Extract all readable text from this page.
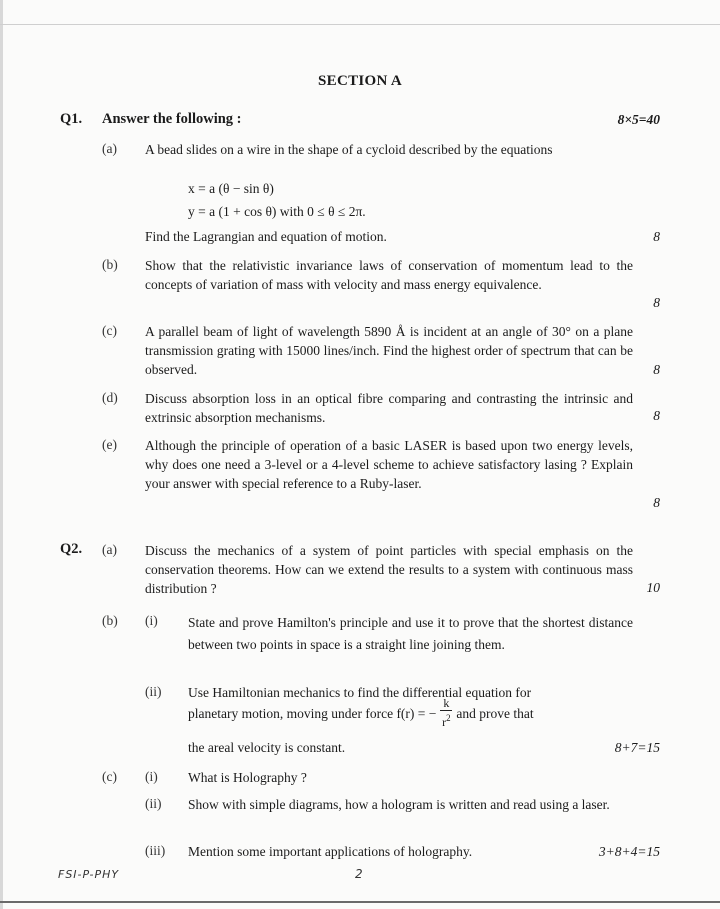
SECTION A
Q1. Answer the following :	8×5=40
(a) A bead slides on a wire in the shape of a cycloid described by the equations
x = a (θ − sin θ)
y = a (1 + cos θ) with 0 ≤ θ ≤ 2π.
Find the Lagrangian and equation of motion.	8
(b) Show that the relativistic invariance laws of conservation of momentum lead to the concepts of variation of mass with velocity and mass energy equivalence.
8
(c) A parallel beam of light of wavelength 5890 Å is incident at an angle of 30° on a plane transmission grating with 15000 lines/inch. Find the highest order of spectrum that can be observed.	8
(d) Discuss absorption loss in an optical fibre comparing and contrasting the intrinsic and extrinsic absorption mechanisms.	8
(e) Although the principle of operation of a basic LASER is based upon two energy levels, why does one need a 3-level or a 4-level scheme to achieve satisfactory lasing ? Explain your answer with special reference to a Ruby-laser.
8
Q2. (a) Discuss the mechanics of a system of point particles with special emphasis on the conservation theorems. How can we extend the results to a system with continuous mass distribution ?	10
(b) (i) State and prove Hamilton's principle and use it to prove that the shortest distance between two points in space is a straight line joining them.
(ii) Use Hamiltonian mechanics to find the differential equation for
planetary motion, moving under force f(r) = − $\frac{k}{r^2}$ and prove that
the areal velocity is constant.	8+7=15
(c) (i) What is Holography ?
(ii) Show with simple diagrams, how a hologram is written and read using a laser.
(iii) Mention some important applications of holography.	3+8+4=15
FSI-P-PHY	2
